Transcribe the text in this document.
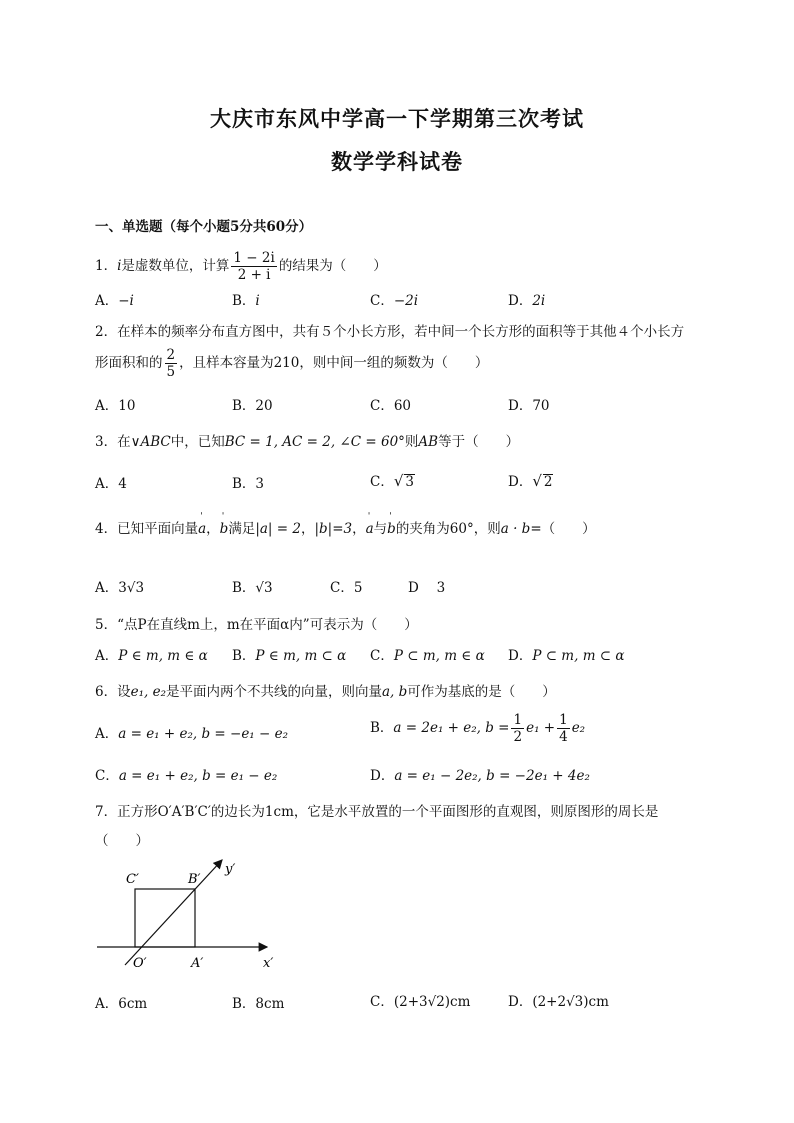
大庆市东风中学高一下学期第三次考试
数学学科试卷
一、单选题（每个小题5分共60分）
1．i是虚数单位，计算 $\frac{1 - 2i}{2 + i}$ 的结果为（　　）
A．−i	B．i	C．−2i	D．2i
2．在样本的频率分布直方图中，共有５个小长方形，若中间一个长方形的面积等于其他４个小长方
形面积和的 $\frac{2}{5}$ ，且样本容量为210，则中间一组的频数为（　　）
A．10	B．20	C．60	D．70
3．在∨ABC中，已知BC = 1, AC = 2, ∠C = 60°则AB等于（　　）
A．4	B．3	C．√ 3	D．√ 2
4．已知平面向量ˈ a，ˈ b满足|a| = 2，|b|=3，ˈ a与ˈ b的夹角为60°，则a · b=（　　）
A．3√3	B．√3	C．5	D　 3
5．“点P在直线m上，m在平面α内”可表示为（　　）
A．P ∈ m, m ∈ α B．P ∈ m, m ⊂ α C．P ⊂ m, m ∈ α D．P ⊂ m, m ⊂ α
6．设e₁, e₂是平面内两个不共线的向量，则向量a, b可作为基底的是（　　）
A．a = e₁ + e₂, b = −e₁ − e₂	B．a = 2e₁ + e₂, $b = \frac{1}{2} e_1 + \frac{1}{4} e_2$
C．a = e₁ + e₂, b = e₁ − e₂	D．a = e₁ − 2e₂, b = −2e₁ + 4e₂
7．正方形O′A′B′C′的边长为1cm，它是水平放置的一个平面图形的直观图，则原图形的周长是
（　　）
C′	B′
y′
O′	A′	x′
A．6cm	B．8cm	C．(2+3√2)cm	D．(2+2√3)cm
